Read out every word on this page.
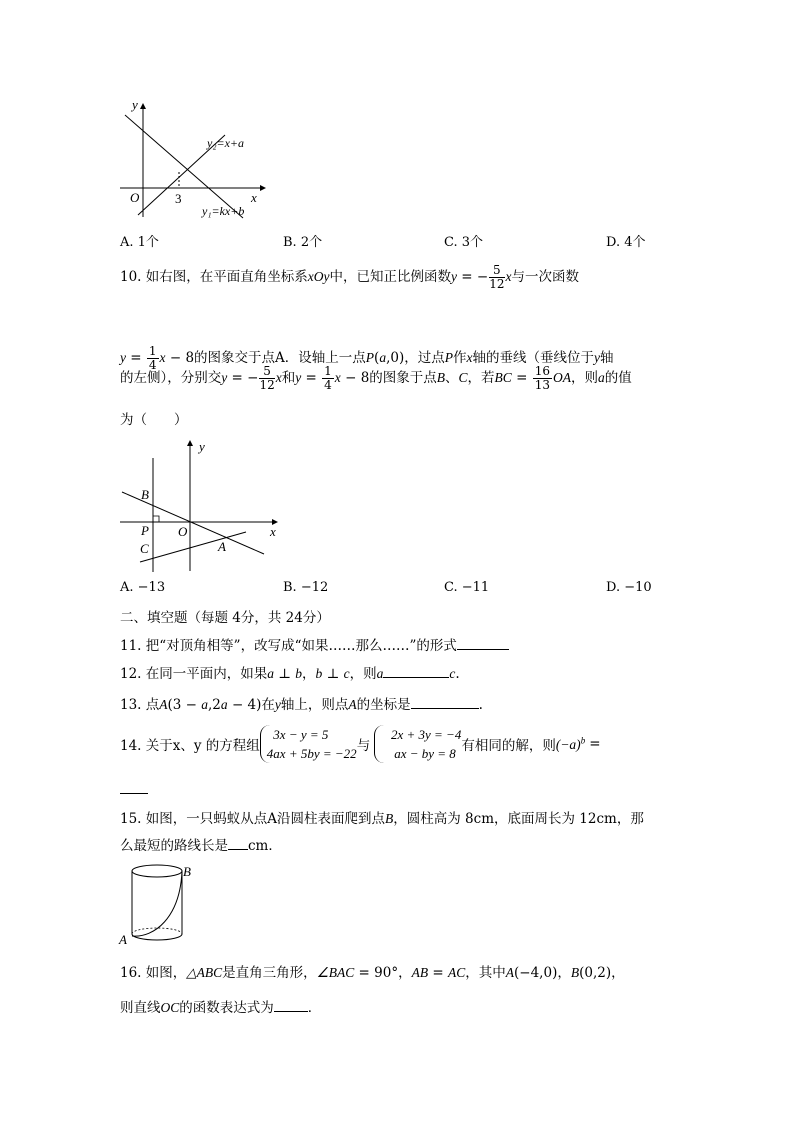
y
x
O	3
y₂=x+a
y₁=kx+b
A. 1个	B. 2个	C. 3个	D. 4个
10. 如右图，在平面直角坐标系xOy中，已知正比例函数y = − $\frac{5}{12}$ x与一次函数
$y = \frac{1}{4}$ x − 8的图象交于点A．设轴上一点P(a,0)，过点P作x轴的垂线（垂线位于y轴
的左侧），分别交y = − $\frac{5}{12}$ x和$y = \frac{1}{4}$ x − 8的图象于点B、C，若BC = $\frac{16}{13}$ OA，则a的值
为（　　）
y
x
O
B
P
C	A
A. −13	B. −12	C. −11	D. −10
二、填空题（每题 4分，共 24分）
11. 把“对顶角相等”，改写成“如果……那么……”的形式
12. 在同一平面内，如果a ⊥ b，b ⊥ c，则a	c.
13. 点A(3 − a,2a − 4)在y轴上，则点A的坐标是	.
14. 关于x、y 的方程组  3x − y = 5
4ax + 5by = −22与   2x + 3y = −4
ax − by = 8 有相同的解，则$(-a)^b$ =
15. 如图，一只蚂蚁从点A沿圆柱表面爬到点B，圆柱高为 8cm，底面周长为 12cm，那
么最短的路线长是 cm．
A
B
16. 如图，△ABC是直角三角形，∠BAC = 90°，AB = AC，其中A(−4,0)，B(0,2)，
则直线OC的函数表达式为	．
